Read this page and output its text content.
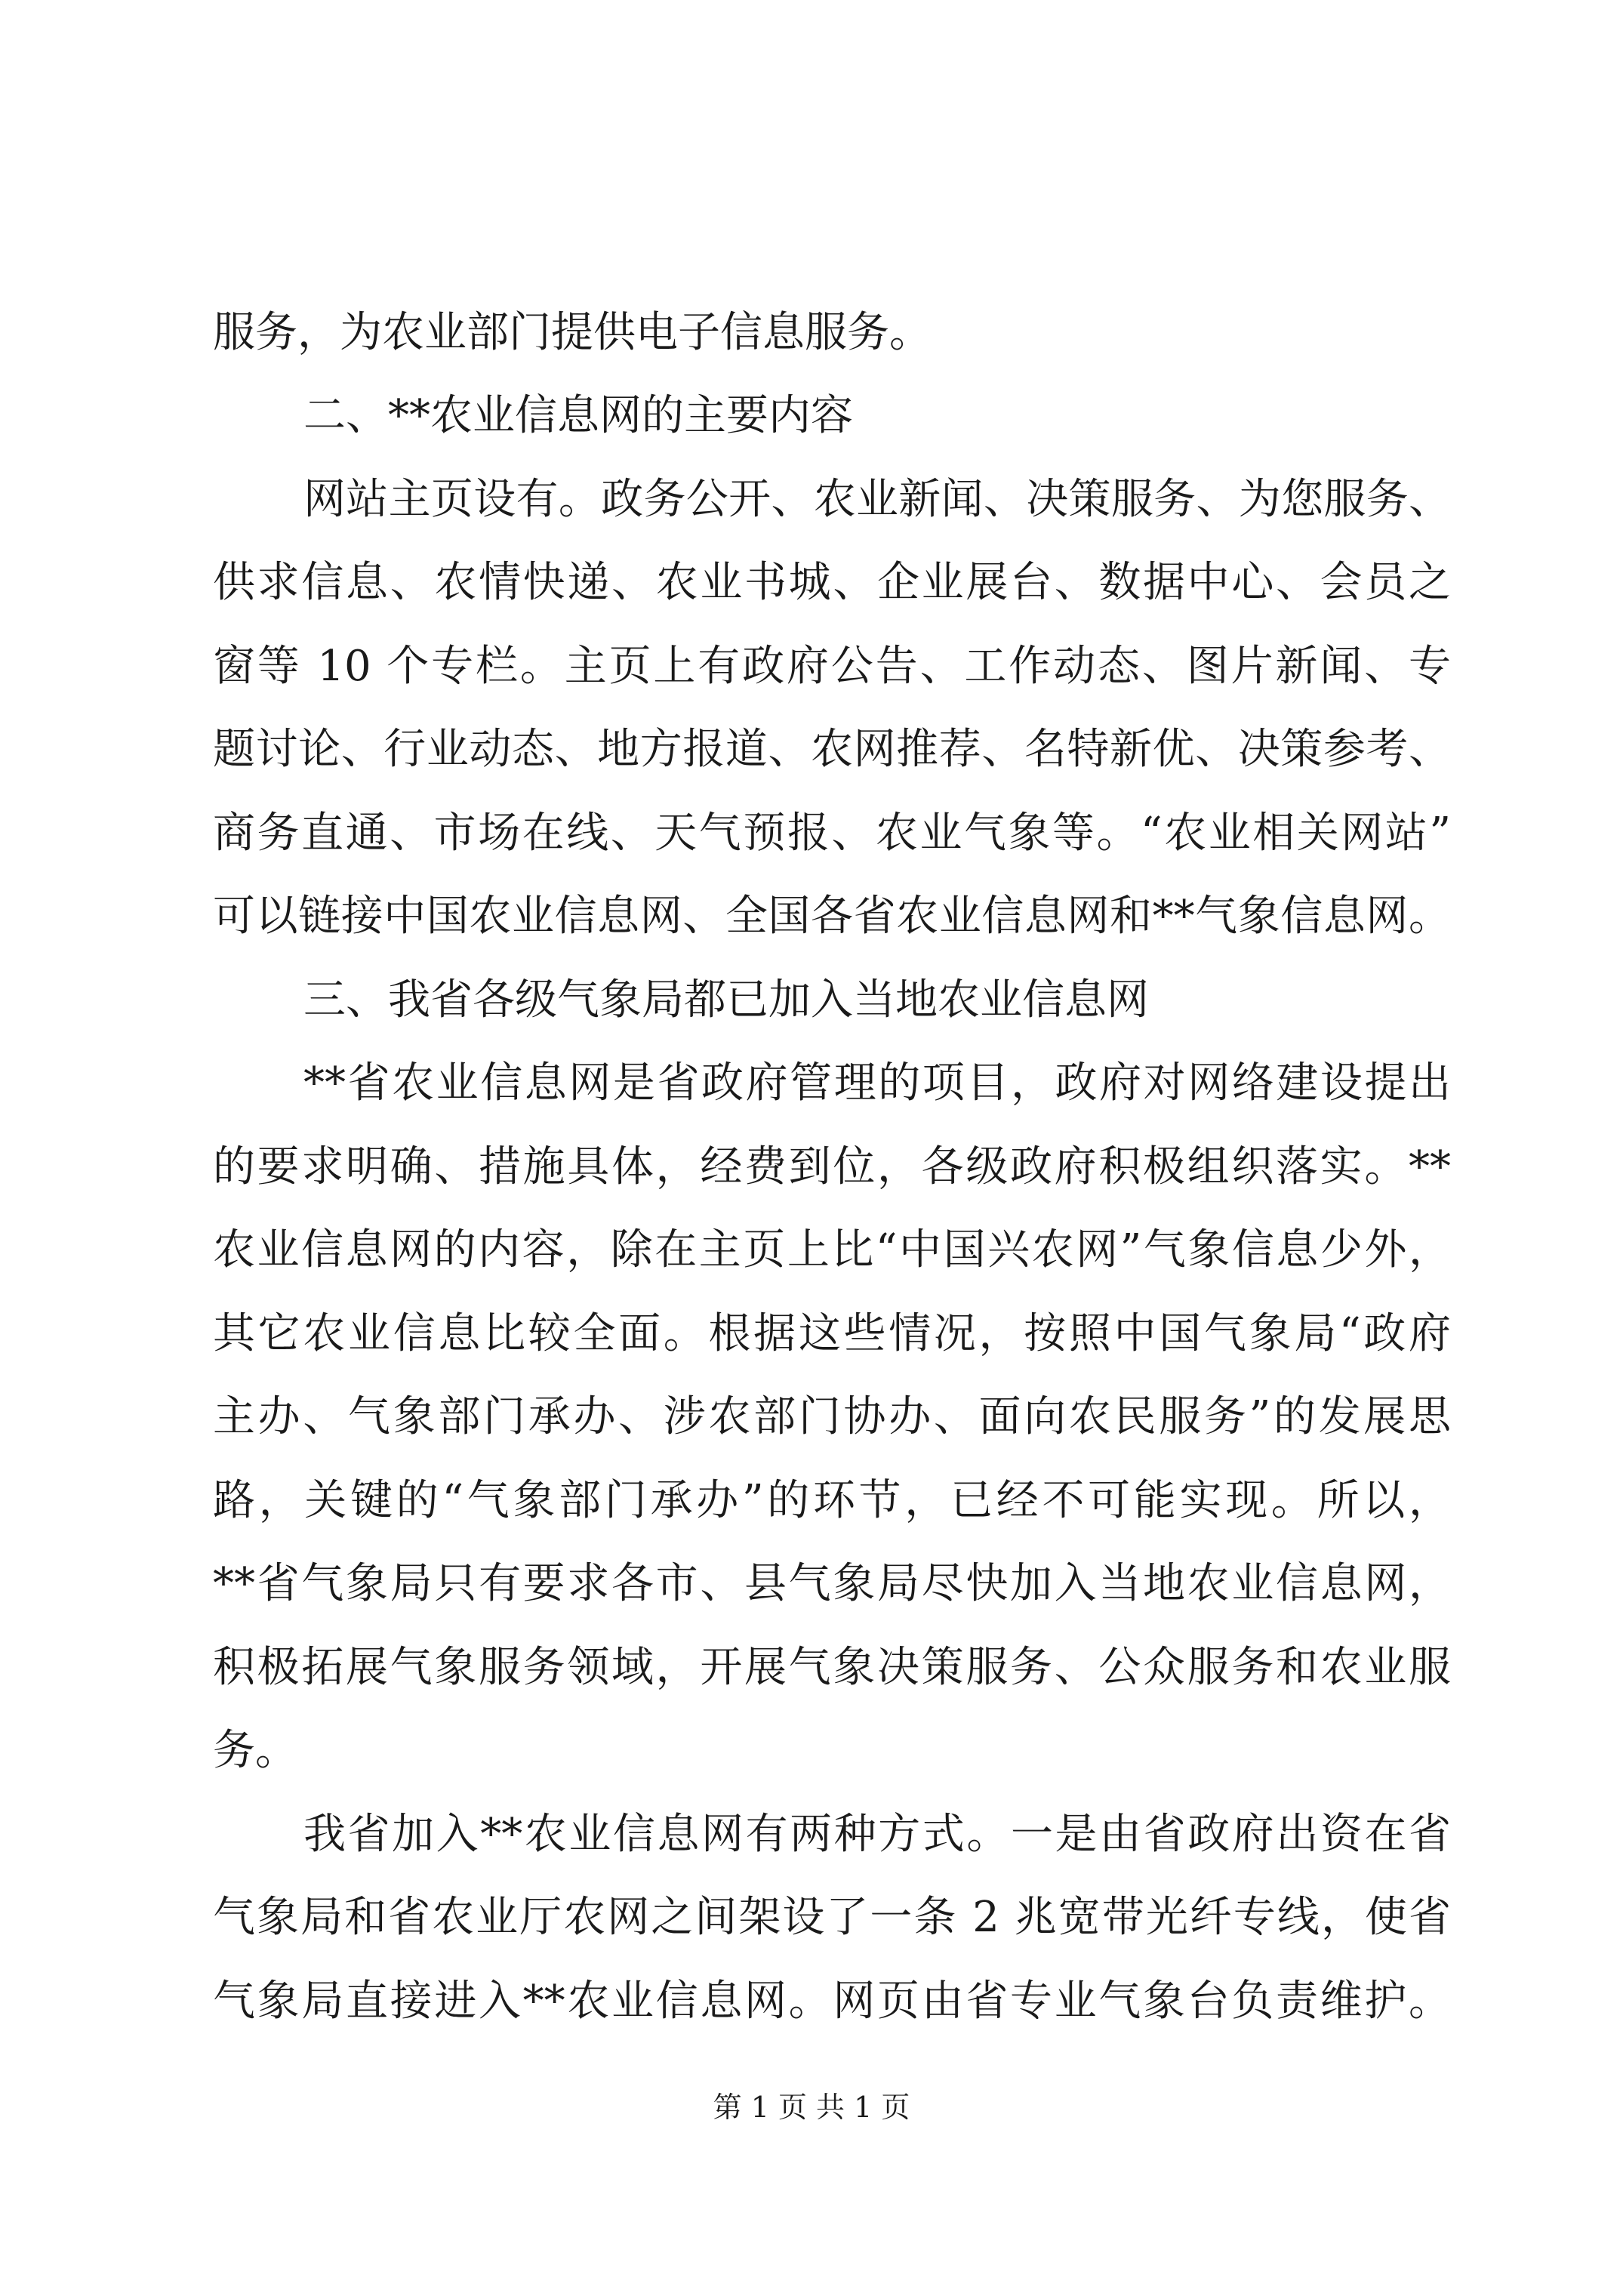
服务，为农业部门提供电子信息服务。
二、**农业信息网的主要内容
网站主页设有。政务公开、农业新闻、决策服务、为您服务、
供求信息、农情快递、农业书城、企业展台、数据中心、会员之
窗等 10 个专栏。主页上有政府公告、工作动态、图片新闻、专
题讨论、行业动态、地方报道、农网推荐、名特新优、决策参考、
商务直通、市场在线、天气预报、农业气象等。“农业相关网站”
可以链接中国农业信息网、全国各省农业信息网和**气象信息网。
三、我省各级气象局都已加入当地农业信息网
**省农业信息网是省政府管理的项目，政府对网络建设提出
的要求明确、措施具体，经费到位，各级政府积极组织落实。**
农业信息网的内容，除在主页上比“中国兴农网”气象信息少外，
其它农业信息比较全面。根据这些情况，按照中国气象局“政府
主办、气象部门承办、涉农部门协办、面向农民服务”的发展思
路，关键的“气象部门承办”的环节，已经不可能实现。所以，
**省气象局只有要求各市、县气象局尽快加入当地农业信息网，
积极拓展气象服务领域，开展气象决策服务、公众服务和农业服
务。
我省加入**农业信息网有两种方式。一是由省政府出资在省
气象局和省农业厅农网之间架设了一条 2 兆宽带光纤专线，使省
气象局直接进入**农业信息网。网页由省专业气象台负责维护。
第 1 页 共 1 页
